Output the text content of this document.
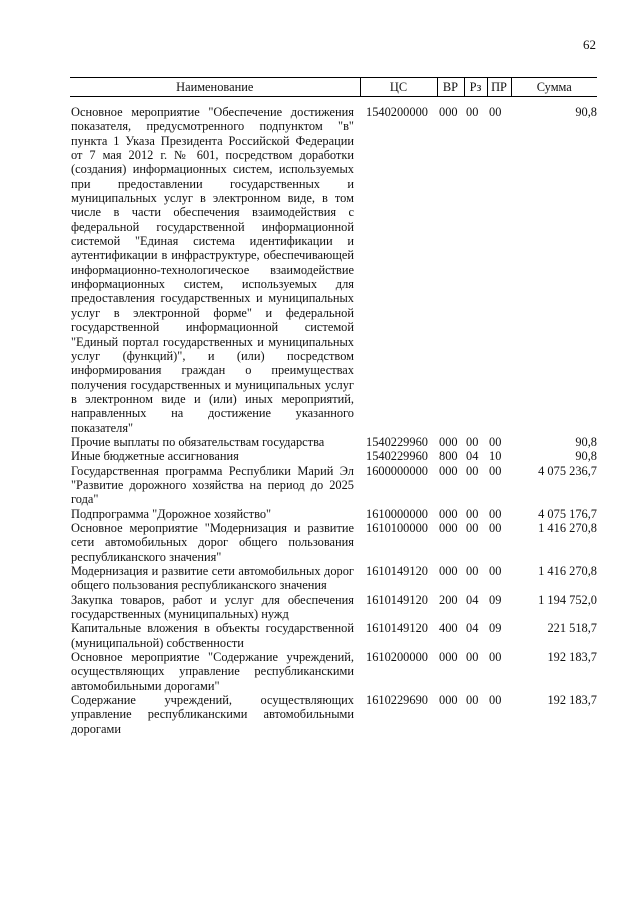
62
Наименование	ЦС	ВР	Рз	ПР	Сумма
Основное мероприятие "Обеспечение достижения показателя, предусмотренного подпунктом "в" пункта 1 Указа Президента Российской Федерации от 7 мая 2012 г. № 601, посредством доработки (создания) информационных систем, используемых при предоставлении государственных и муниципальных услуг в электронном виде, в том числе в части обеспечения взаимодействия с федеральной государственной информационной системой "Единая система идентификации и аутентификации в инфраструктуре, обеспечивающей информационно-технологическое взаимодействие информационных систем, используемых для предоставления государственных и муниципальных услуг в электронной форме" и федеральной государственной информационной системой "Единый портал государственных и муниципальных услуг (функций)", и (или) посредством информирования граждан о преимуществах получения государственных и муниципальных услуг в электронном виде и (или) иных мероприятий, направленных на достижение указанного показателя"	1540200000	000	00	00	90,8
Прочие выплаты по обязательствам государства	1540229960	000	00	00	90,8
Иные бюджетные ассигнования	1540229960	800	04	10	90,8
Государственная программа Республики Марий Эл "Развитие дорожного хозяйства на период до 2025 года"	1600000000	000	00	00	4 075 236,7
Подпрограмма "Дорожное хозяйство"	1610000000	000	00	00	4 075 176,7
Основное мероприятие "Модернизация и развитие сети автомобильных дорог общего пользования республиканского значения"	1610100000	000	00	00	1 416 270,8
Модернизация и развитие сети автомобильных дорог общего пользования республиканского значения	1610149120	000	00	00	1 416 270,8
Закупка товаров, работ и услуг для обеспечения государственных (муниципальных) нужд	1610149120	200	04	09	1 194 752,0
Капитальные вложения в объекты государственной (муниципальной) собственности	1610149120	400	04	09	221 518,7
Основное мероприятие "Содержание учреждений, осуществляющих управление республиканскими автомобильными дорогами"	1610200000	000	00	00	192 183,7
Содержание учреждений, осуществляющих управление республиканскими автомобильными дорогами	1610229690	000	00	00	192 183,7
